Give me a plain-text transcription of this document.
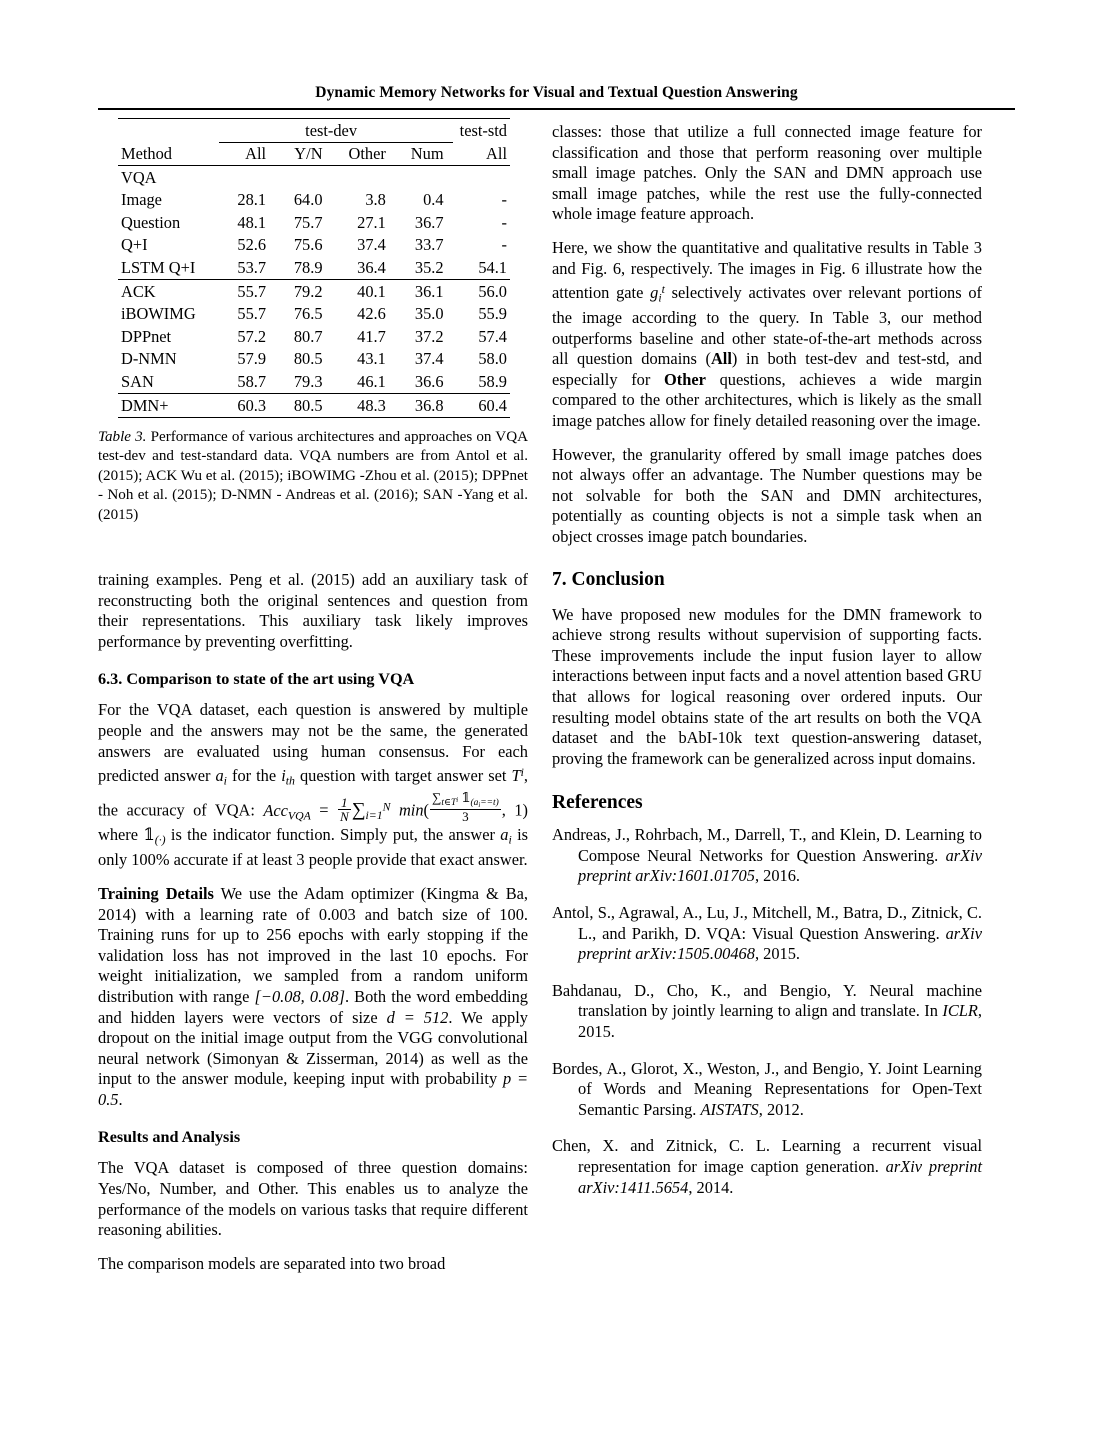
Dynamic Memory Networks for Visual and Textual Question Answering
	test-dev				test-std
Method	All	Y/N	Other	Num	All
VQA					
Image	28.1	64.0	3.8	0.4	-
Question	48.1	75.7	27.1	36.7	-
Q+I	52.6	75.6	37.4	33.7	-
LSTM Q+I	53.7	78.9	36.4	35.2	54.1
ACK	55.7	79.2	40.1	36.1	56.0
iBOWIMG	55.7	76.5	42.6	35.0	55.9
DPPnet	57.2	80.7	41.7	37.2	57.4
D-NMN	57.9	80.5	43.1	37.4	58.0
SAN	58.7	79.3	46.1	36.6	58.9
DMN+	60.3	80.5	48.3	36.8	60.4
Table 3. Performance of various architectures and approaches on VQA test-dev and test-standard data. VQA numbers are from Antol et al. (2015); ACK Wu et al. (2015); iBOWIMG -Zhou et al. (2015); DPPnet - Noh et al. (2015); D-NMN - Andreas et al. (2016); SAN -Yang et al. (2015)

training examples. Peng et al. (2015) add an auxiliary task of reconstructing both the original sentences and question from their representations. This auxiliary task likely improves performance by preventing overfitting.

6.3. Comparison to state of the art using VQA

For the VQA dataset, each question is answered by multiple people and the answers may not be the same, the generated answers are evaluated using human consensus. For each predicted answer $a_i$ for the $i_{th}$ question with target answer set $T^i$, the accuracy of VQA: $Acc_{VQA} = \frac{1}{N} \sum_{i=1}^N$ $\min( \frac{\sum_{t\in T^i} 𝟙_{(a_i==t)}}{3}$ , 1) where $𝟙_{(\cdot)}$ is the indicator function. Simply put, the answer $a_i$ is only 100% accurate if at least 3 people provide that exact answer.

Training Details We use the Adam optimizer (Kingma & Ba, 2014) with a learning rate of 0.003 and batch size of 100. Training runs for up to 256 epochs with early stopping if the validation loss has not improved in the last 10 epochs. For weight initialization, we sampled from a random uniform distribution with range [−0.08, 0.08]. Both the word embedding and hidden layers were vectors of size d = 512. We apply dropout on the initial image output from the VGG convolutional neural network (Simonyan & Zisserman, 2014) as well as the input to the answer module, keeping input with probability p = 0.5.

Results and Analysis

The VQA dataset is composed of three question domains: Yes/No, Number, and Other. This enables us to analyze the performance of the models on various tasks that require different reasoning abilities.

The comparison models are separated into two broad

classes: those that utilize a full connected image feature for classification and those that perform reasoning over multiple small image patches. Only the SAN and DMN approach use small image patches, while the rest use the fully-connected whole image feature approach.

Here, we show the quantitative and qualitative results in Table 3 and Fig. 6, respectively. The images in Fig. 6 illustrate how the attention gate $g_i^t$ selectively activates over relevant portions of the image according to the query. In Table 3, our method outperforms baseline and other state-of-the-art methods across all question domains (All) in both test-dev and test-std, and especially for Other questions, achieves a wide margin compared to the other architectures, which is likely as the small image patches allow for finely detailed reasoning over the image.

However, the granularity offered by small image patches does not always offer an advantage. The Number questions may be not solvable for both the SAN and DMN architectures, potentially as counting objects is not a simple task when an object crosses image patch boundaries.

7. Conclusion

We have proposed new modules for the DMN framework to achieve strong results without supervision of supporting facts. These improvements include the input fusion layer to allow interactions between input facts and a novel attention based GRU that allows for logical reasoning over ordered inputs. Our resulting model obtains state of the art results on both the VQA dataset and the bAbI-10k text question-answering dataset, proving the framework can be generalized across input domains.

References
Andreas, J., Rohrbach, M., Darrell, T., and Klein, D. Learning to Compose Neural Networks for Question Answering. arXiv preprint arXiv:1601.01705, 2016.
Antol, S., Agrawal, A., Lu, J., Mitchell, M., Batra, D., Zitnick, C. L., and Parikh, D. VQA: Visual Question Answering. arXiv preprint arXiv:1505.00468, 2015.
Bahdanau, D., Cho, K., and Bengio, Y. Neural machine translation by jointly learning to align and translate. In ICLR, 2015.
Bordes, A., Glorot, X., Weston, J., and Bengio, Y. Joint Learning of Words and Meaning Representations for Open-Text Semantic Parsing. AISTATS, 2012.
Chen, X. and Zitnick, C. L. Learning a recurrent visual representation for image caption generation. arXiv preprint arXiv:1411.5654, 2014.
